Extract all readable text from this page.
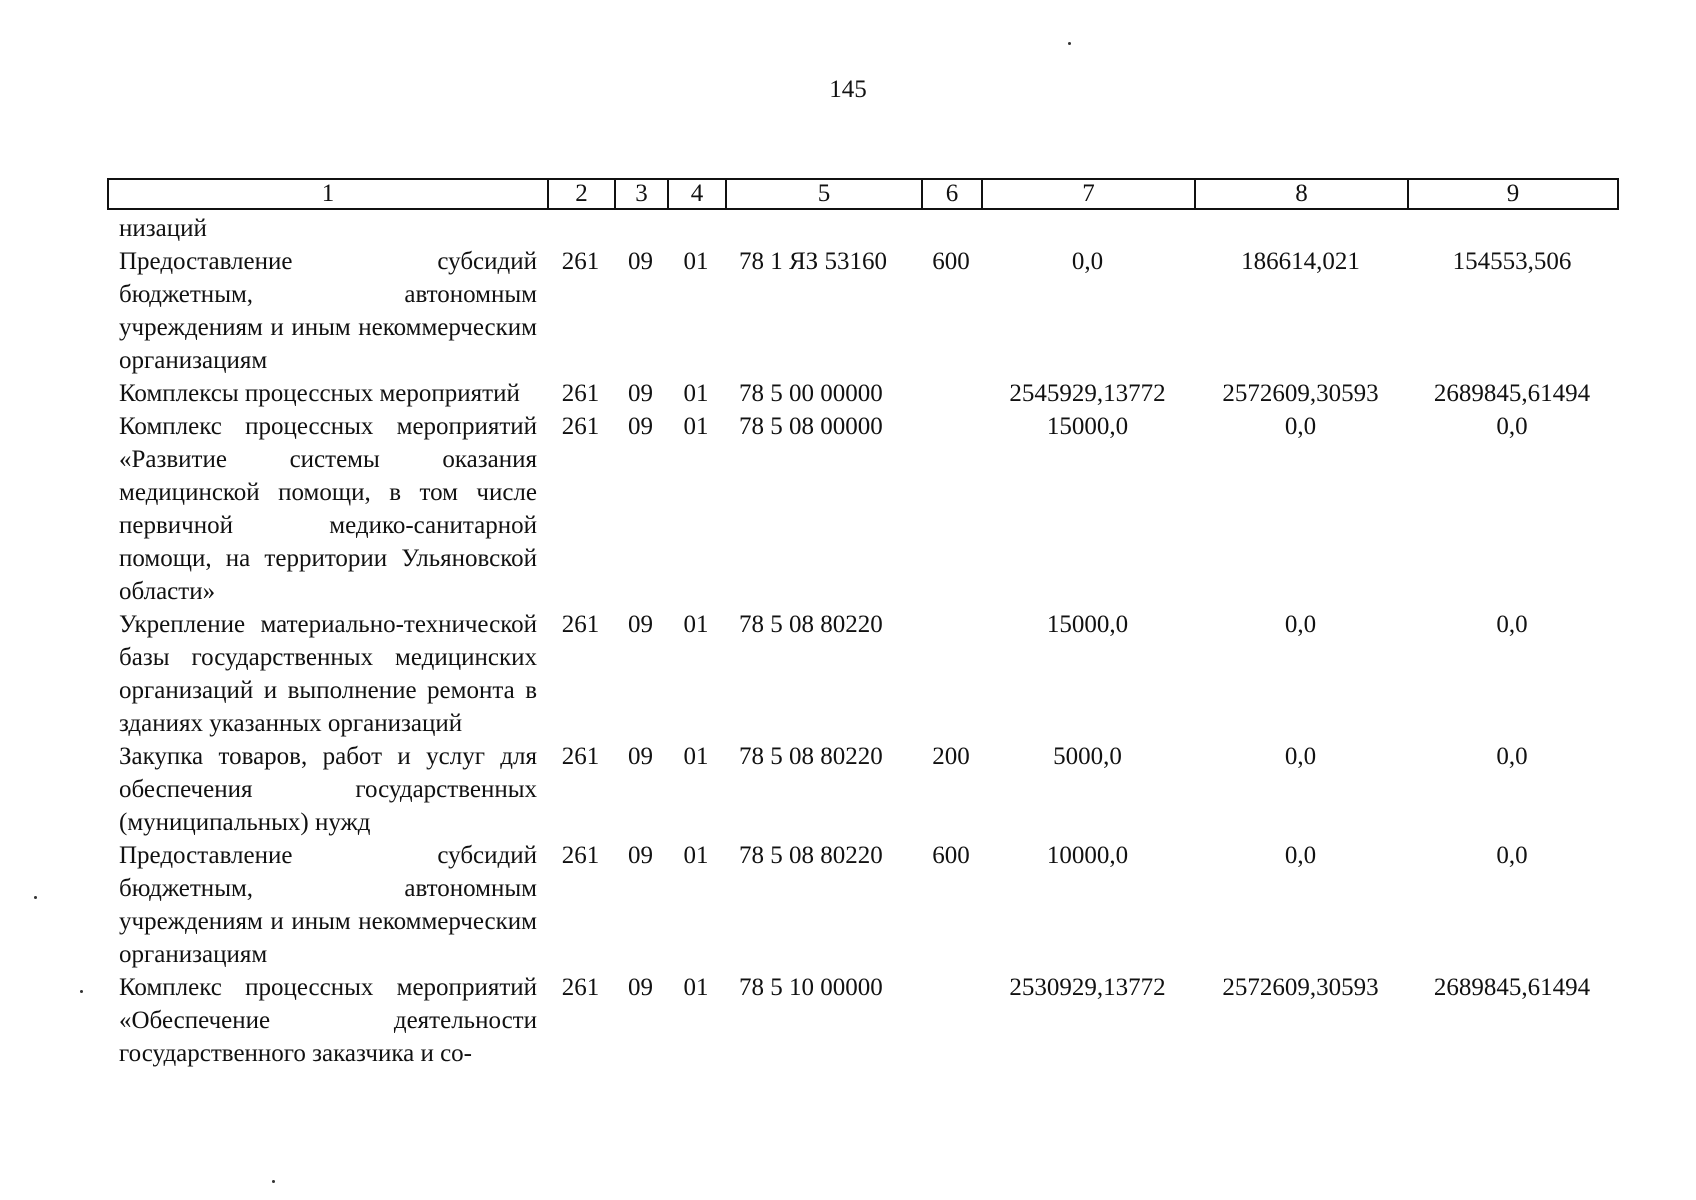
145
1	2	3	4	5	6	7	8	9
низаций								
Предоставление субсидий бюджетным, автономным учреждениям и иным некоммерческим организациям	261	09	01	78 1 ЯЗ 53160	600	0,0	186614,021	154553,506
Комплексы процессных мероприятий	261	09	01	78 5 00 00000		2545929,13772	2572609,30593	2689845,61494
Комплекс процессных мероприятий «Развитие системы оказания медицинской помощи, в том числе первичной медико-санитарной помощи, на территории Ульяновской области»	261	09	01	78 5 08 00000		15000,0	0,0	0,0
Укрепление материально-технической базы государственных медицинских организаций и выполнение ремонта в зданиях указанных организаций	261	09	01	78 5 08 80220		15000,0	0,0	0,0
Закупка товаров, работ и услуг для обеспечения государственных (муниципальных) нужд	261	09	01	78 5 08 80220	200	5000,0	0,0	0,0
Предоставление субсидий бюджетным, автономным учреждениям и иным некоммерческим организациям	261	09	01	78 5 08 80220	600	10000,0	0,0	0,0
Комплекс процессных мероприятий «Обеспечение деятельности государственного заказчика и со-	261	09	01	78 5 10 00000		2530929,13772	2572609,30593	2689845,61494
